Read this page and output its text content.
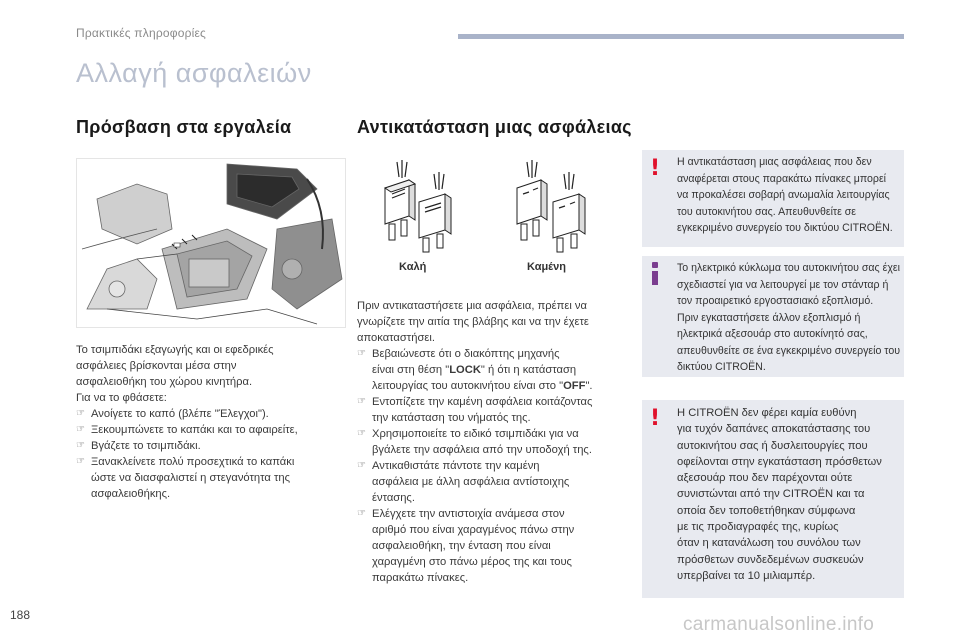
Πρακτικές πληροφορίες
Αλλαγή ασφαλειών
Πρόσβαση στα εργαλεία	Αντικατάσταση μιας ασφάλειας
Το τσιμπιδάκι εξαγωγής και οι εφεδρικές
ασφάλειες βρίσκονται μέσα στην
ασφαλειοθήκη του χώρου κινητήρα.
Για να το φθάσετε:
☞ Ανοίγετε το καπό (βλέπε "Έλεγχοι").
☞ Ξεκουμπώνετε το καπάκι και το αφαιρείτε,
☞ Βγάζετε το τσιμπιδάκι.
☞ Ξανακλείνετε πολύ προσεχτικά το καπάκι
ώστε να διασφαλιστεί η στεγανότητα της
ασφαλειοθήκης.
Καλή	Καμένη
Πριν αντικαταστήσετε μια ασφάλεια, πρέπει να
γνωρίζετε την αιτία της βλάβης και να την έχετε
αποκαταστήσει.
☞ Βεβαιώνεστε ότι ο διακόπτης μηχανής
είναι στη θέση "LOCK" ή ότι η κατάσταση
λειτουργίας του αυτοκινήτου είναι στο "OFF".
☞ Εντοπίζετε την καμένη ασφάλεια κοιτάζοντας
την κατάσταση του νήματός της.
☞ Χρησιμοποιείτε το ειδικό τσιμπιδάκι για να
βγάλετε την ασφάλεια από την υποδοχή της.
☞ Αντικαθιστάτε πάντοτε την καμένη
ασφάλεια με άλλη ασφάλεια αντίστοιχης
έντασης.
☞ Ελέγχετε την αντιστοιχία ανάμεσα στον
αριθμό που είναι χαραγμένος πάνω στην
ασφαλειοθήκη, την ένταση που είναι
χαραγμένη στο πάνω μέρος της και τους
παρακάτω πίνακες.
! Η αντικατάσταση μιας ασφάλειας που δεν
αναφέρεται στους παρακάτω πίνακες μπορεί
να προκαλέσει σοβαρή ανωμαλία λειτουργίας
του αυτοκινήτου σας. Απευθυνθείτε σε
εγκεκριμένο συνεργείο του δικτύου CITROËN.
Το ηλεκτρικό κύκλωμα του αυτοκινήτου σας έχει
σχεδιαστεί για να λειτουργεί με τον στάνταρ ή
τον προαιρετικό εργοστασιακό εξοπλισμό.
Πριν εγκαταστήσετε άλλον εξοπλισμό ή
ηλεκτρικά αξεσουάρ στο αυτοκίνητό σας,
απευθυνθείτε σε ένα εγκεκριμένο συνεργείο του
δικτύου CITROËN.
! Η CITROËN δεν φέρει καμία ευθύνη
για τυχόν δαπάνες αποκατάστασης του
αυτοκινήτου σας ή δυσλειτουργίες που
οφείλονται στην εγκατάσταση πρόσθετων
αξεσουάρ που δεν παρέχονται ούτε
συνιστώνται από την CITROËN και τα
οποία δεν τοποθετήθηκαν σύμφωνα
με τις προδιαγραφές της, κυρίως
όταν η κατανάλωση του συνόλου των
πρόσθετων συνδεδεμένων συσκευών
υπερβαίνει τα 10 μιλιαμπέρ.
188	carmanualsonline.info
